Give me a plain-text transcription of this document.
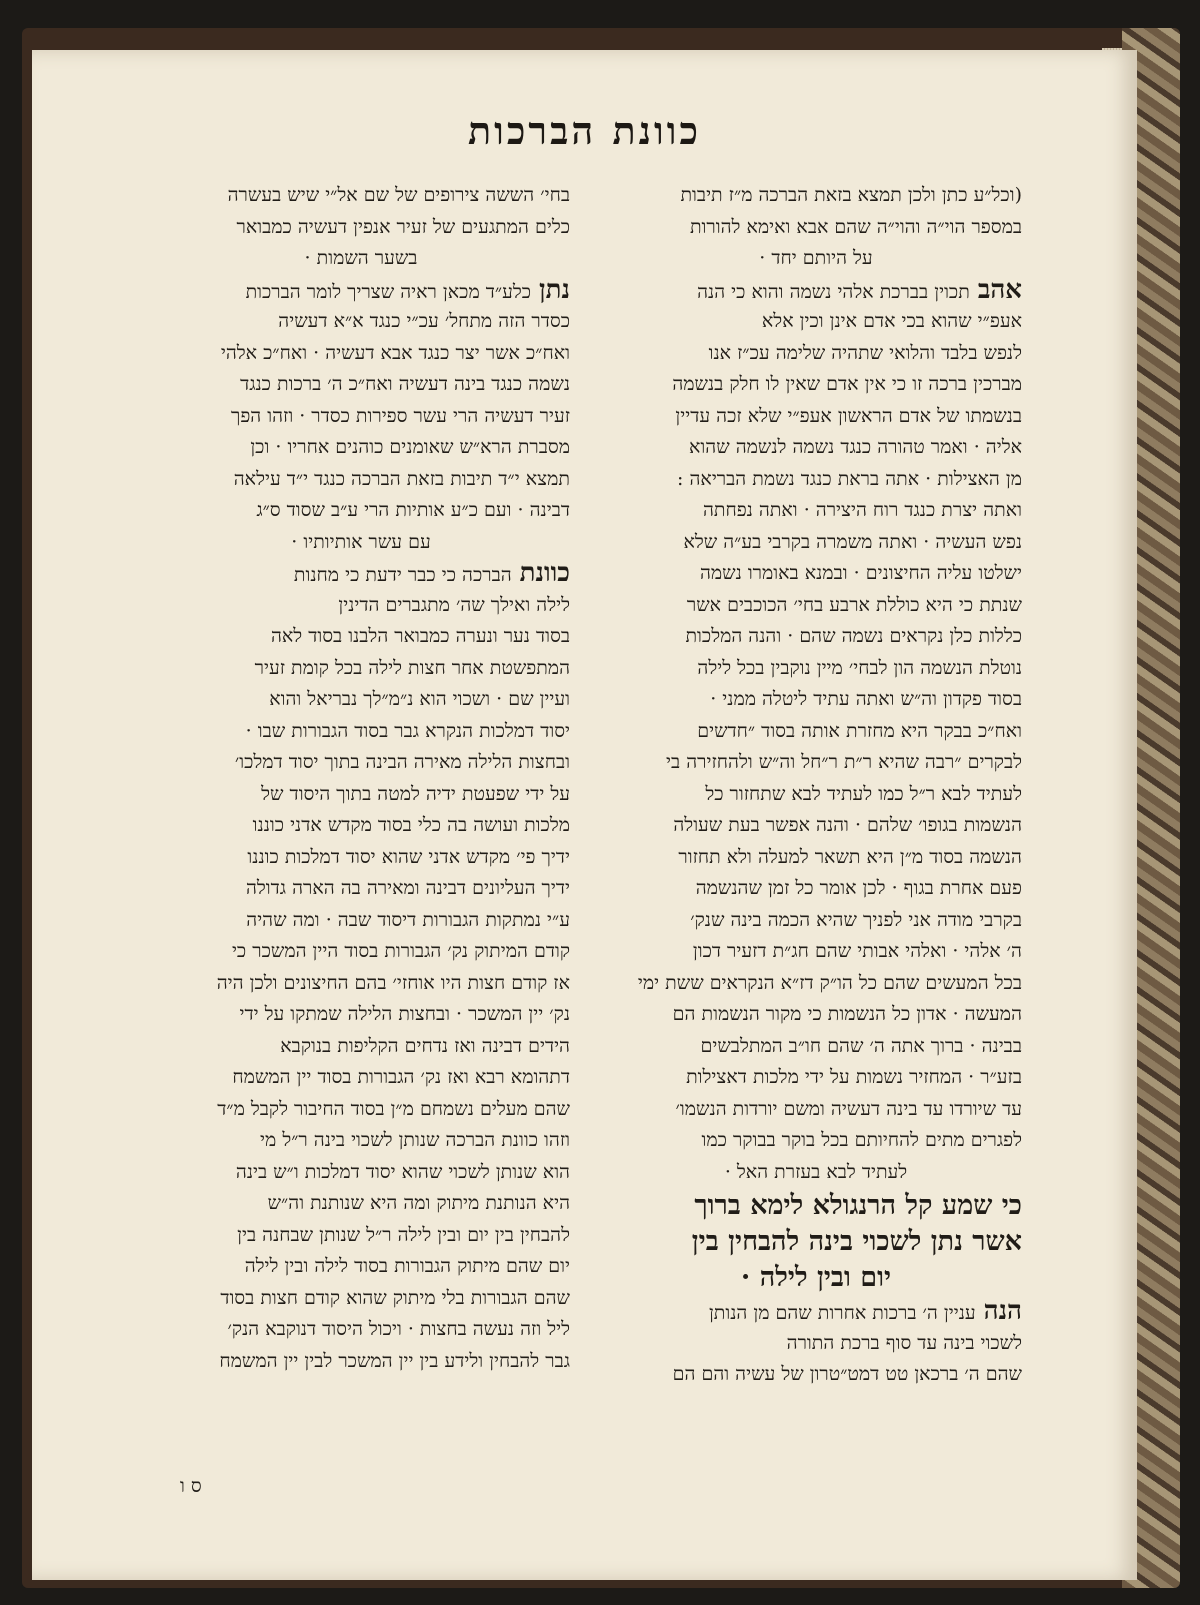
כוונת הברכות
(וכל״ע כתן ולכן תמצא בזאת הברכה מ״ז תיבות
במספר הוי״ה והוי״ה שהם אבא ואימא להורות
על היותם יחד ·
אהבתכוין בברכת אלהי נשמה והוא כי הנה
אעפ״י שהוא בכי אדם אינן וכין אלא
לנפש בלבד והלואי שתהיה שלימה עכ״ז אנו
מברכין ברכה זו כי אין אדם שאין לו חלק בנשמה
בנשמתו של אדם הראשון אעפ״י שלא זכה עדיין
אליה · ואמר טהורה כנגד נשמה לנשמה שהוא
מן האצילות · אתה בראת כנגד נשמת הבריאה :
ואתה יצרת כנגד רוח היצירה · ואתה נפחתה
נפש העשיה · ואתה משמרה בקרבי בע״ה שלא
ישלטו עליה החיצונים · ובמנא באומרו נשמה
שנתת כי היא כוללת ארבע בחי׳ הכוכבים אשר
כללות כלן נקראים נשמה שהם · והנה המלכות
נוטלת הנשמה הון לבחי׳ מיין נוקבין בכל לילה
בסוד פקדון וה״ש ואתה עתיד ליטלה ממני ·
ואח״כ בבקר היא מחזרת אותה בסוד ״חדשים
לבקרים ״רבה שהיא ר״ת ר״חל וה״ש ולהחזירה בי
לעתיד לבא ר״ל כמו לעתיד לבא שתחזור כל
הנשמות בגופו׳ שלהם · והנה אפשר בעת שעולה
הנשמה בסוד מ״ן היא תשאר למעלה ולא תחזור
פעם אחרת בגוף · לכן אומר כל זמן שהנשמה
בקרבי מודה אני לפניך שהיא הכמה בינה שנק׳
ה׳ אלהי · ואלהי אבותי שהם חג״ת דזעיר דכון
בכל המעשים שהם כל הו״ק דז״א הנקראים ששת ימי
המעשה · אדון כל הנשמות כי מקור הנשמות הם
בבינה · ברוך אתה ה׳ שהם חו״ב המתלבשים
בזע״ר · המחזיר נשמות על ידי מלכות דאצילות
עד שיורדו עד בינה דעשיה ומשם יורדות הנשמו׳
לפגרים מתים להחיותם בכל בוקר בבוקר כמו
לעתיד לבא בעזרת האל ·
כי שמע קל הרנגולא לימא ברוך
אשר נתן לשכוי בינה להבחין בין
יום ובין לילה ·
הנהעניין ה׳ ברכות אחרות שהם מן הנותן
לשכוי בינה עד סוף ברכת התורה
שהם ה׳ ברכאן טט דמט״טרון של עשיה והם הם
בחי׳ הששה צירופים של שם אל״י שיש בעשרה
כלים המתגעים של זעיר אנפין דעשיה כמבואר
בשער השמות ·
נתןכלע״ד מכאן ראיה שצריך לומר הברכות
כסדר הזה מתחל׳ עכ״י כנגד א״א דעשיה
ואח״כ אשר יצר כנגד אבא דעשיה · ואח״כ אלהי
נשמה כנגד בינה דעשיה ואח״כ ה׳ ברכות כנגד
זעיר דעשיה הרי עשר ספירות כסדר · וזהו הפך
מסברת הרא״ש שאומנים כוהנים אחריו · וכן
תמצא י״ד תיבות בזאת הברכה כנגד י״ד עילאה
דבינה · ועם כ״ע אותיות הרי ע״ב שסוד ס״ג
עם עשר אותיותיו ·
כוונתהברכה כי כבר ידעת כי מחנות
לילה ואילך שה׳ מתגברים הדינין
בסוד נער ונערה כמבואר הלבנו בסוד לאה
המתפשטת אחר חצות לילה בכל קומת זעיר
ועיין שם · ושכוי הוא נ״מ״לך נבריאל והוא
יסוד דמלכות הנקרא גבר בסוד הגבורות שבו ·
ובחצות הלילה מאירה הבינה בתוך יסוד דמלכו׳
על ידי שפעטת ידיה למטה בתוך היסוד של
מלכות ועושה בה כלי בסוד מקדש אדני כוננו
ידיך פי׳ מקדש אדני שהוא יסוד דמלכות כוננו
ידיך העליונים דבינה ומאירה בה הארה גדולה
ע״י נמתקות הגבורות דיסוד שבה · ומה שהיה
קודם המיתוק נק׳ הגבורות בסוד היין המשכר כי
אז קודם חצות היו אוחזי׳ בהם החיצונים ולכן היה
נק׳ יין המשכר · ובחצות הלילה שמתקו על ידי
הידים דבינה ואז נדחים הקליפות בנוקבא
דתהומא רבא ואז נק׳ הגבורות בסוד יין המשמח
שהם מעלים נשמחם מ״ן בסוד החיבור לקבל מ״ד
וזהו כוונת הברכה שנותן לשכוי בינה ר״ל מי
הוא שנותן לשכוי שהוא יסוד דמלכות ו״ש בינה
היא הנותנת מיתוק ומה היא שנותנת וה״ש
להבחין בין יום ובין לילה ר״ל שנותן שבחנה בין
יום שהם מיתוק הגבורות בסוד לילה ובין לילה
שהם הגבורות בלי מיתוק שהוא קודם חצות בסוד
ליל וזה נעשה בחצות · ויכול היסוד דנוקבא הנק׳
גבר להבחין ולידע בין יין המשכר לבין יין המשמח
ס ו
